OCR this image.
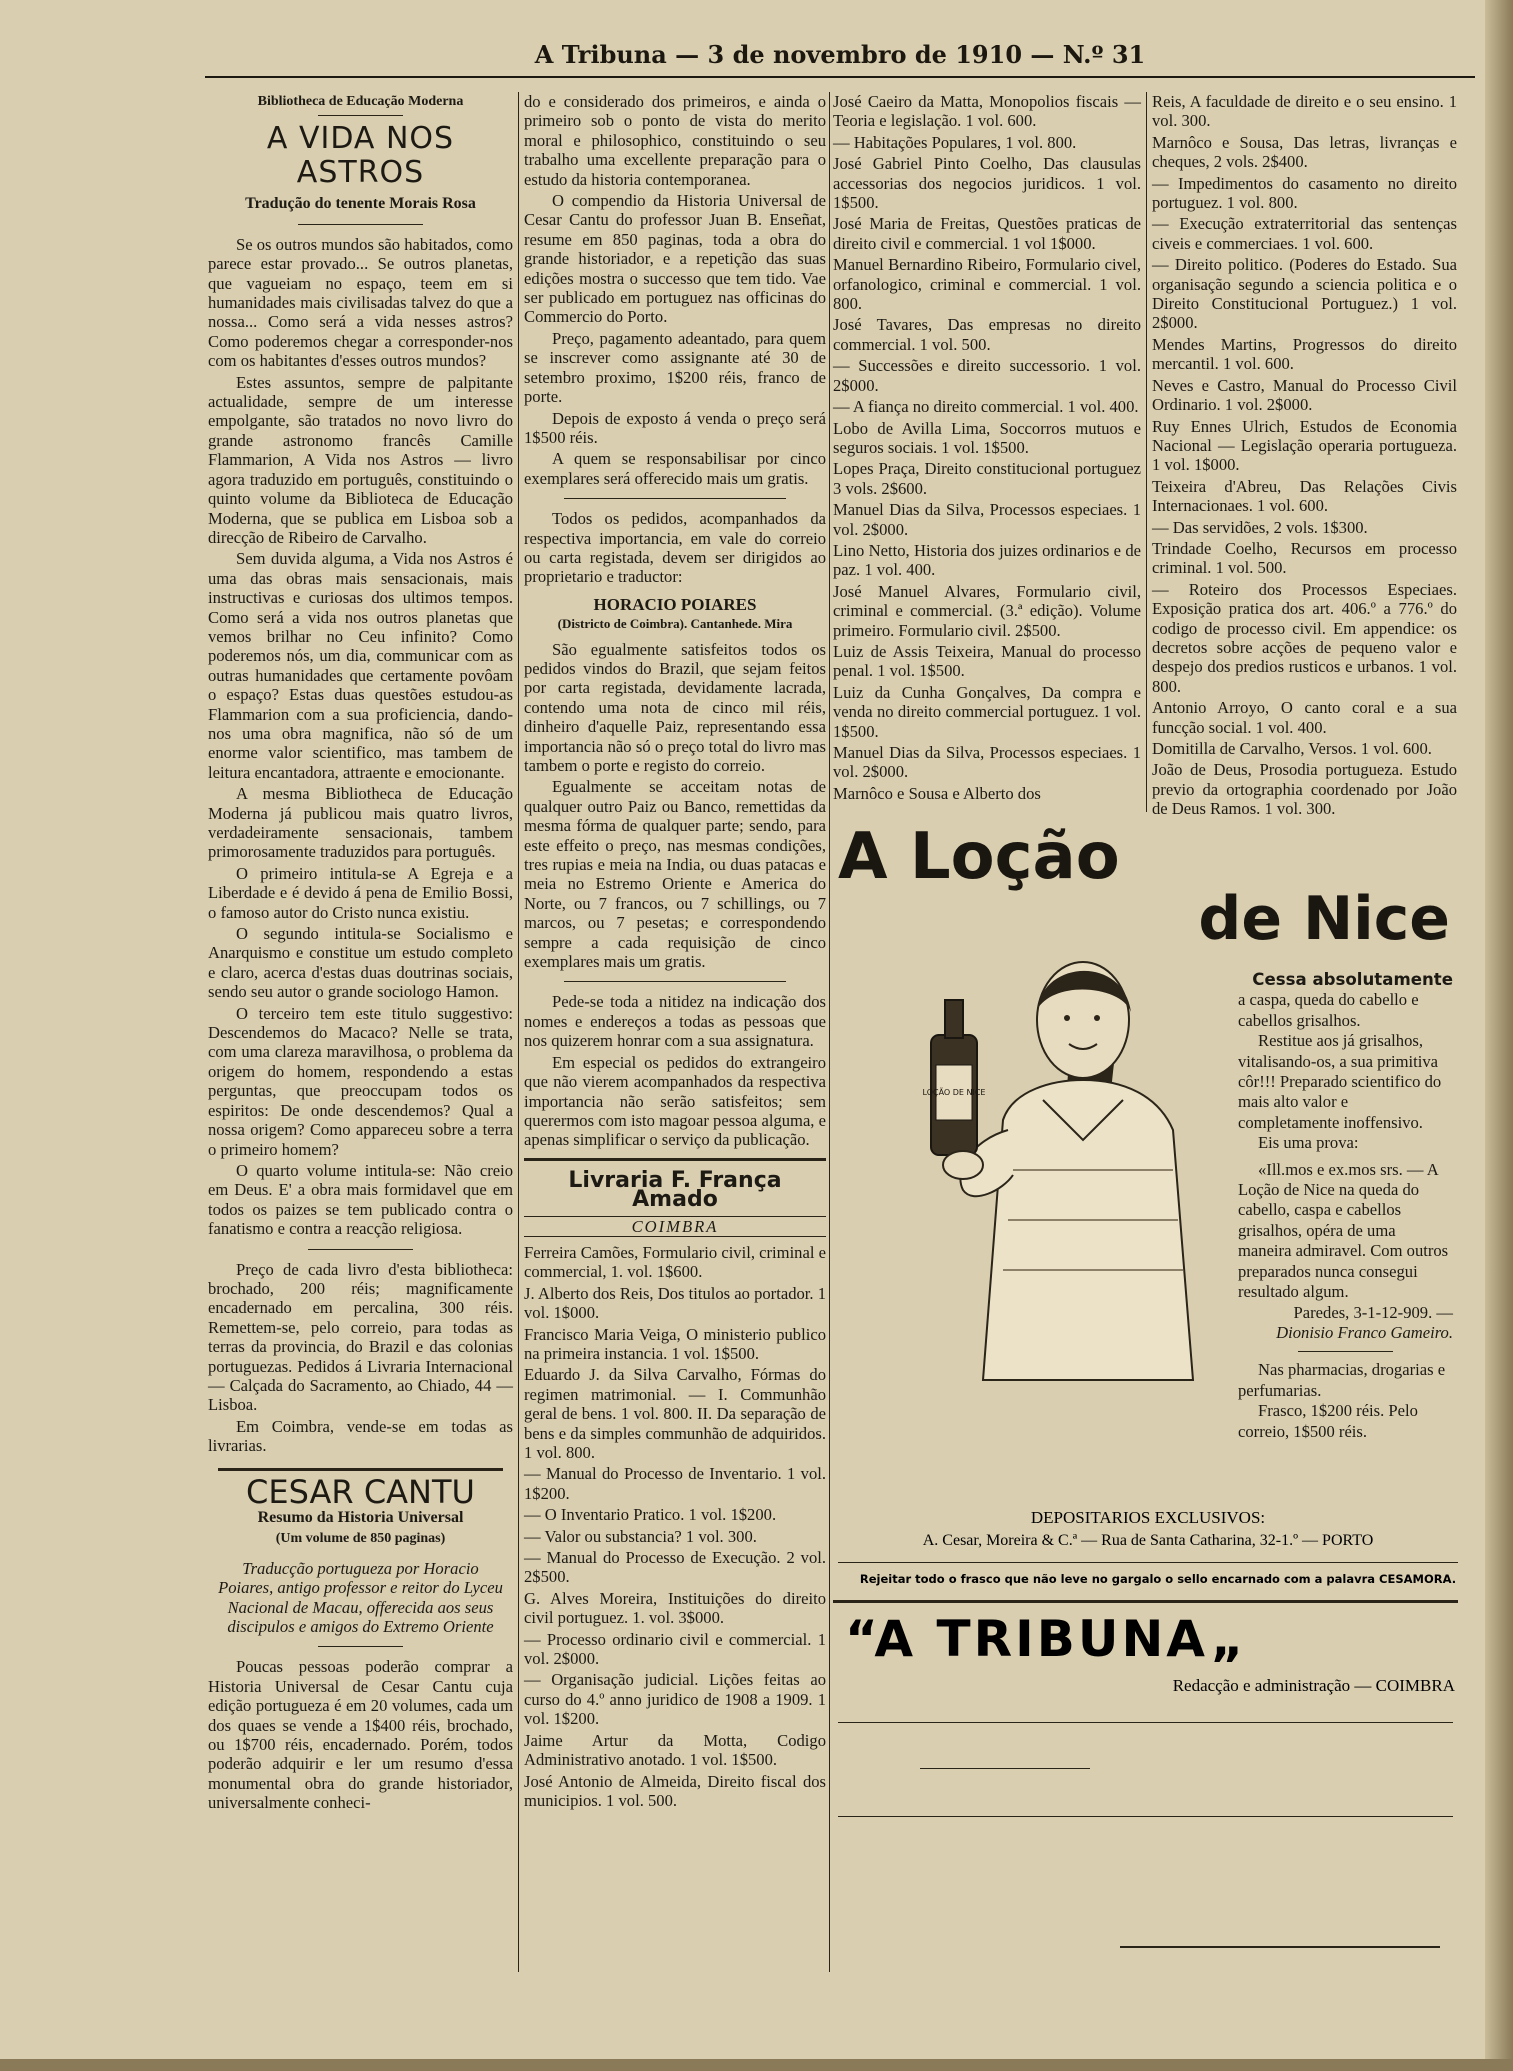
A Tribuna — 3 de novembro de 1910 — N.º 31
Bibliotheca de Educação Moderna
A VIDA NOS ASTROS
Tradução do tenente Morais Rosa

Se os outros mundos são habitados, como parece estar provado... Se outros planetas, que vagueiam no espaço, teem em si humanidades mais civilisadas talvez do que a nossa... Como será a vida nesses astros? Como poderemos chegar a corresponder-nos com os habitantes d'esses outros mundos?

Estes assuntos, sempre de palpitante actualidade, sempre de um interesse empolgante, são tratados no novo livro do grande astronomo francês Camille Flammarion, A Vida nos Astros — livro agora traduzido em português, constituindo o quinto volume da Biblioteca de Educação Moderna, que se publica em Lisboa sob a direcção de Ribeiro de Carvalho.

Sem duvida alguma, a Vida nos Astros é uma das obras mais sensacionais, mais instructivas e curiosas dos ultimos tempos. Como será a vida nos outros planetas que vemos brilhar no Ceu infinito? Como poderemos nós, um dia, communicar com as outras humanidades que certamente povôam o espaço? Estas duas questões estudou-as Flammarion com a sua proficiencia, dando-nos uma obra magnifica, não só de um enorme valor scientifico, mas tambem de leitura encantadora, attraente e emocionante.

A mesma Bibliotheca de Educação Moderna já publicou mais quatro livros, verdadeiramente sensacionais, tambem primorosamente traduzidos para português.

O primeiro intitula-se A Egreja e a Liberdade e é devido á pena de Emilio Bossi, o famoso autor do Cristo nunca existiu.

O segundo intitula-se Socialismo e Anarquismo e constitue um estudo completo e claro, acerca d'estas duas doutrinas sociais, sendo seu autor o grande sociologo Hamon.

O terceiro tem este titulo suggestivo: Descendemos do Macaco? Nelle se trata, com uma clareza maravilhosa, o problema da origem do homem, respondendo a estas perguntas, que preoccupam todos os espiritos: De onde descendemos? Qual a nossa origem? Como appareceu sobre a terra o primeiro homem?

O quarto volume intitula-se: Não creio em Deus. E' a obra mais formidavel que em todos os paizes se tem publicado contra o fanatismo e contra a reacção religiosa.

Preço de cada livro d'esta bibliotheca: brochado, 200 réis; magnificamente encadernado em percalina, 300 réis. Remettem-se, pelo correio, para todas as terras da provincia, do Brazil e das colonias portuguezas. Pedidos á Livraria Internacional — Calçada do Sacramento, ao Chiado, 44 — Lisboa.

Em Coimbra, vende-se em todas as livrarias.

CESAR CANTU
Resumo da Historia Universal
(Um volume de 850 paginas)

Traducção portugueza por Horacio Poiares, antigo professor e reitor do Lyceu Nacional de Macau, offerecida aos seus discipulos e amigos do Extremo Oriente

Poucas pessoas poderão comprar a Historia Universal de Cesar Cantu cuja edição portugueza é em 20 volumes, cada um dos quaes se vende a 1$400 réis, brochado, ou 1$700 réis, encadernado. Porém, todos poderão adquirir e ler um resumo d'essa monumental obra do grande historiador, universalmente conheci-

do e considerado dos primeiros, e ainda o primeiro sob o ponto de vista do merito moral e philosophico, constituindo o seu trabalho uma excellente preparação para o estudo da historia contemporanea.

O compendio da Historia Universal de Cesar Cantu do professor Juan B. Enseñat, resume em 850 paginas, toda a obra do grande historiador, e a repetição das suas edições mostra o successo que tem tido. Vae ser publicado em portuguez nas officinas do Commercio do Porto.

Preço, pagamento adeantado, para quem se inscrever como assignante até 30 de setembro proximo, 1$200 réis, franco de porte.

Depois de exposto á venda o preço será 1$500 réis.

A quem se responsabilisar por cinco exemplares será offerecido mais um gratis.

Todos os pedidos, acompanhados da respectiva importancia, em vale do correio ou carta registada, devem ser dirigidos ao proprietario e traductor:

HORACIO POIARES
(Districto de Coimbra). Cantanhede. Mira

São egualmente satisfeitos todos os pedidos vindos do Brazil, que sejam feitos por carta registada, devidamente lacrada, contendo uma nota de cinco mil réis, dinheiro d'aquelle Paiz, representando essa importancia não só o preço total do livro mas tambem o porte e registo do correio.

Egualmente se acceitam notas de qualquer outro Paiz ou Banco, remettidas da mesma fórma de qualquer parte; sendo, para este effeito o preço, nas mesmas condições, tres rupias e meia na India, ou duas patacas e meia no Estremo Oriente e America do Norte, ou 7 francos, ou 7 schillings, ou 7 marcos, ou 7 pesetas; e correspondendo sempre a cada requisição de cinco exemplares mais um gratis.

Pede-se toda a nitidez na indicação dos nomes e endereços a todas as pessoas que nos quizerem honrar com a sua assignatura.

Em especial os pedidos do extrangeiro que não vierem acompanhados da respectiva importancia não serão satisfeitos; sem querermos com isto magoar pessoa alguma, e apenas simplificar o serviço da publicação.

Livraria F. França Amado
COIMBRA

Ferreira Camões, Formulario civil, criminal e commercial, 1. vol. 1$600.

J. Alberto dos Reis, Dos titulos ao portador. 1 vol. 1$000.

Francisco Maria Veiga, O ministerio publico na primeira instancia. 1 vol. 1$500.

Eduardo J. da Silva Carvalho, Fórmas do regimen matrimonial. — I. Communhão geral de bens. 1 vol. 800. II. Da separação de bens e da simples communhão de adquiridos. 1 vol. 800.

— Manual do Processo de Inventario. 1 vol. 1$200.

— O Inventario Pratico. 1 vol. 1$200.

— Valor ou substancia? 1 vol. 300.

— Manual do Processo de Execução. 2 vol. 2$500.

G. Alves Moreira, Instituições do direito civil portuguez. 1. vol. 3$000.

— Processo ordinario civil e commercial. 1 vol. 2$000.

— Organisação judicial. Lições feitas ao curso do 4.º anno juridico de 1908 a 1909. 1 vol. 1$200.

Jaime Artur da Motta, Codigo Administrativo anotado. 1 vol. 1$500.

José Antonio de Almeida, Direito fiscal dos municipios. 1 vol. 500.

José Caeiro da Matta, Monopolios fiscais — Teoria e legislação. 1 vol. 600.

— Habitações Populares, 1 vol. 800.

José Gabriel Pinto Coelho, Das clausulas accessorias dos negocios juridicos. 1 vol. 1$500.

José Maria de Freitas, Questões praticas de direito civil e commercial. 1 vol 1$000.

Manuel Bernardino Ribeiro, Formulario civel, orfanologico, criminal e commercial. 1 vol. 800.

José Tavares, Das empresas no direito commercial. 1 vol. 500.

— Successões e direito successorio. 1 vol. 2$000.

— A fiança no direito commercial. 1 vol. 400.

Lobo de Avilla Lima, Soccorros mutuos e seguros sociais. 1 vol. 1$500.

Lopes Praça, Direito constitucional portuguez 3 vols. 2$600.

Manuel Dias da Silva, Processos especiaes. 1 vol. 2$000.

Lino Netto, Historia dos juizes ordinarios e de paz. 1 vol. 400.

José Manuel Alvares, Formulario civil, criminal e commercial. (3.ª edição). Volume primeiro. Formulario civil. 2$500.

Luiz de Assis Teixeira, Manual do processo penal. 1 vol. 1$500.

Luiz da Cunha Gonçalves, Da compra e venda no direito commercial portuguez. 1 vol. 1$500.

Manuel Dias da Silva, Processos especiaes. 1 vol. 2$000.

Marnôco e Sousa e Alberto dos

Reis, A faculdade de direito e o seu ensino. 1 vol. 300.

Marnôco e Sousa, Das letras, livranças e cheques, 2 vols. 2$400.

— Impedimentos do casamento no direito portuguez. 1 vol. 800.

— Execução extraterritorial das sentenças civeis e commerciaes. 1 vol. 600.

— Direito politico. (Poderes do Estado. Sua organisação segundo a sciencia politica e o Direito Constitucional Portuguez.) 1 vol. 2$000.

Mendes Martins, Progressos do direito mercantil. 1 vol. 600.

Neves e Castro, Manual do Processo Civil Ordinario. 1 vol. 2$000.

Ruy Ennes Ulrich, Estudos de Economia Nacional — Legislação operaria portugueza. 1 vol. 1$000.

Teixeira d'Abreu, Das Relações Civis Internacionaes. 1 vol. 600.

— Das servidões, 2 vols. 1$300.

Trindade Coelho, Recursos em processo criminal. 1 vol. 500.

— Roteiro dos Processos Especiaes. Exposição pratica dos art. 406.º a 776.º do codigo de processo civil. Em appendice: os decretos sobre acções de pequeno valor e despejo dos predios rusticos e urbanos. 1 vol. 800.

Antonio Arroyo, O canto coral e a sua funcção social. 1 vol. 400.

Domitilla de Carvalho, Versos. 1 vol. 600.

João de Deus, Prosodia portugueza. Estudo previo da ortographia coordenado por João de Deus Ramos. 1 vol. 300.

A Loção
de Nice
LOÇÃO DE NICE
Cessa absolutamente
a caspa, queda do cabello e cabellos grisalhos.
Restitue aos já grisalhos, vitalisando-os, a sua primitiva côr!!! Preparado scientifico do mais alto valor e completamente inoffensivo.
Eis uma prova:
«Ill.mos e ex.mos srs. — A Loção de Nice na queda do cabello, caspa e cabellos grisalhos, opéra de uma maneira admiravel. Com outros preparados nunca consegui resultado algum.
Paredes, 3-1-12-909. —
Dionisio Franco Gameiro.
Nas pharmacias, drogarias e perfumarias.
Frasco, 1$200 réis. Pelo correio, 1$500 réis.
DEPOSITARIOS EXCLUSIVOS:
A. Cesar, Moreira & C.ª — Rua de Santa Catharina, 32-1.º — PORTO
Rejeitar todo o frasco que não leve no gargalo o sello encarnado com a palavra CESAMORA.
“A TRIBUNA„
Redacção e administração — COIMBRA
